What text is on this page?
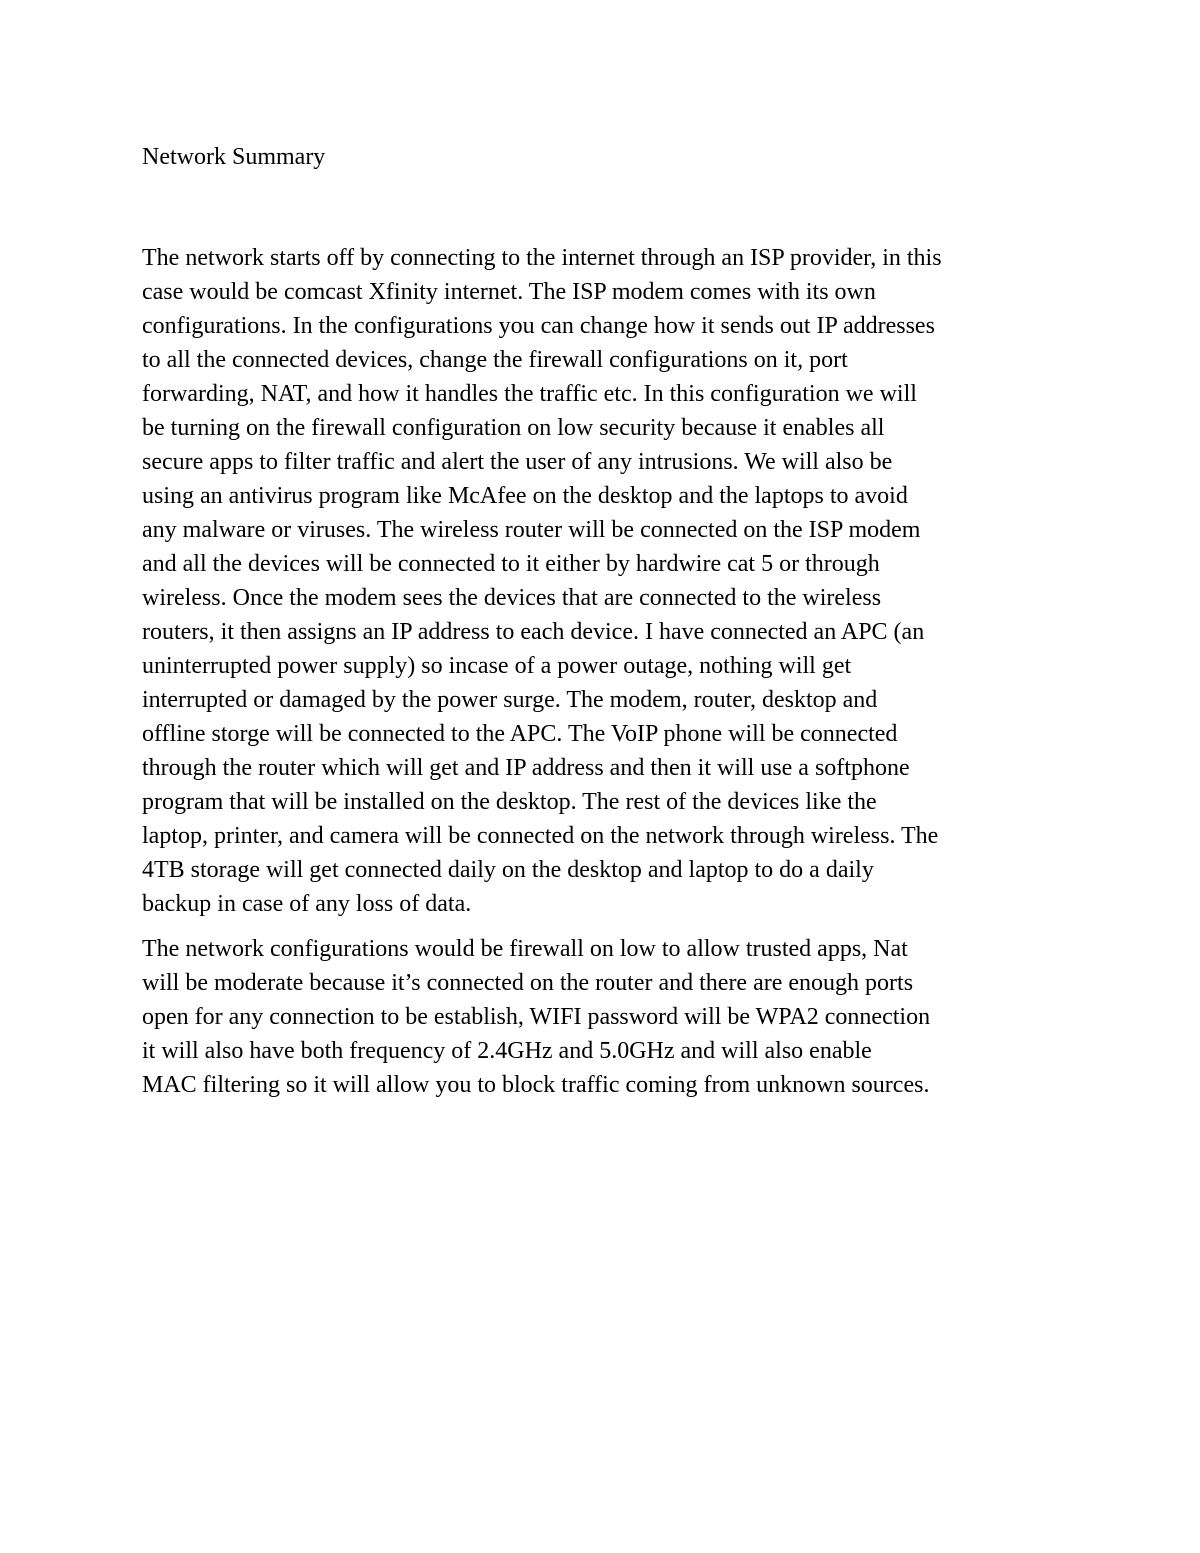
Network Summary
The network starts off by connecting to the internet through an ISP provider, in this
case would be comcast Xfinity internet. The ISP modem comes with its own
configurations. In the configurations you can change how it sends out IP addresses
to all the connected devices, change the firewall configurations on it, port
forwarding, NAT, and how it handles the traffic etc. In this configuration we will
be turning on the firewall configuration on low security because it enables all
secure apps to filter traffic and alert the user of any intrusions. We will also be
using an antivirus program like McAfee on the desktop and the laptops to avoid
any malware or viruses. The wireless router will be connected on the ISP modem
and all the devices will be connected to it either by hardwire cat 5 or through
wireless. Once the modem sees the devices that are connected to the wireless
routers, it then assigns an IP address to each device. I have connected an APC (an
uninterrupted power supply) so incase of a power outage, nothing will get
interrupted or damaged by the power surge. The modem, router, desktop and
offline storge will be connected to the APC. The VoIP phone will be connected
through the router which will get and IP address and then it will use a softphone
program that will be installed on the desktop. The rest of the devices like the
laptop, printer, and camera will be connected on the network through wireless. The
4TB storage will get connected daily on the desktop and laptop to do a daily
backup in case of any loss of data.
The network configurations would be firewall on low to allow trusted apps, Nat
will be moderate because it’s connected on the router and there are enough ports
open for any connection to be establish, WIFI password will be WPA2 connection
it will also have both frequency of 2.4GHz and 5.0GHz and will also enable
MAC filtering so it will allow you to block traffic coming from unknown sources.
